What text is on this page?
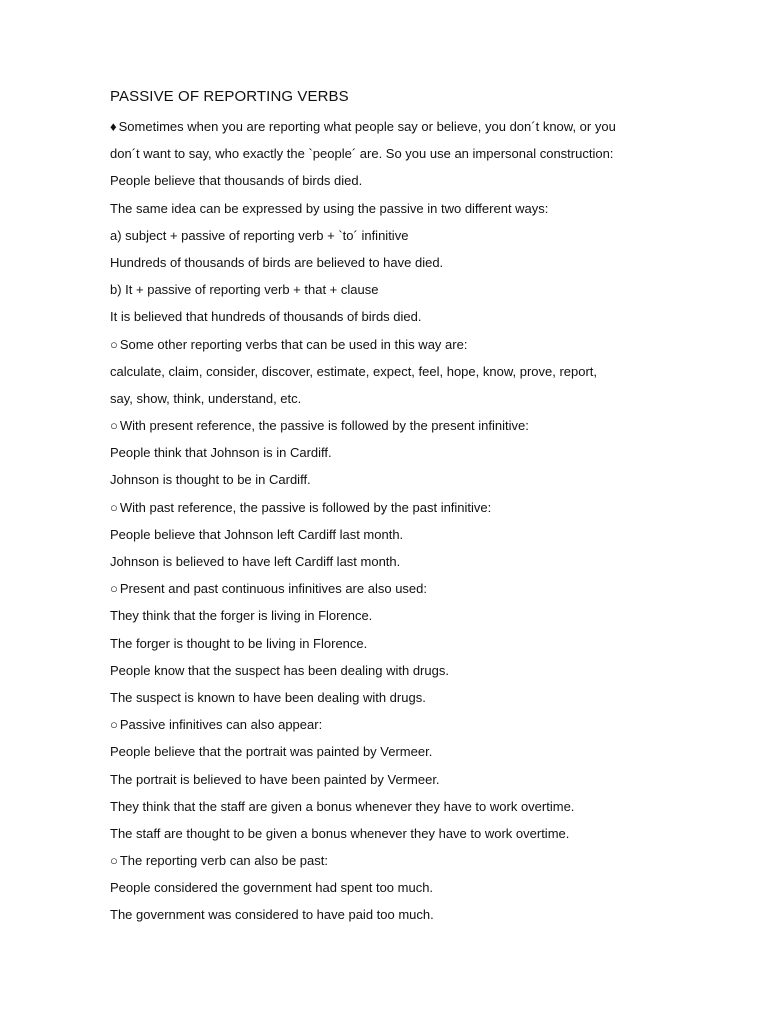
PASSIVE OF REPORTING VERBS
♦ Sometimes when you are reporting what people say or believe, you don´t know, or you
don´t want to say, who exactly the `people´ are. So you use an impersonal construction:
People believe that thousands of birds died.
The same idea can be expressed by using the passive in two different ways:
a) subject + passive of reporting verb + `to´ infinitive
Hundreds of thousands of birds are believed to have died.
b) It + passive of reporting verb + that + clause
It is believed that hundreds of thousands of birds died.
○ Some other reporting verbs that can be used in this way are:
calculate, claim, consider, discover, estimate, expect, feel, hope, know, prove, report,
say, show, think, understand, etc.
○ With present reference, the passive is followed by the present infinitive:
People think that Johnson is in Cardiff.
Johnson is thought to be in Cardiff.
○ With past reference, the passive is followed by the past infinitive:
People believe that Johnson left Cardiff last month.
Johnson is believed to have left Cardiff last month.
○ Present and past continuous infinitives are also used:
They think that the forger is living in Florence.
The forger is thought to be living in Florence.
People know that the suspect has been dealing with drugs.
The suspect is known to have been dealing with drugs.
○ Passive infinitives can also appear:
People believe that the portrait was painted by Vermeer.
The portrait is believed to have been painted by Vermeer.
They think that the staff are given a bonus whenever they have to work overtime.
The staff are thought to be given a bonus whenever they have to work overtime.
○ The reporting verb can also be past:
People considered the government had spent too much.
The government was considered to have paid too much.
